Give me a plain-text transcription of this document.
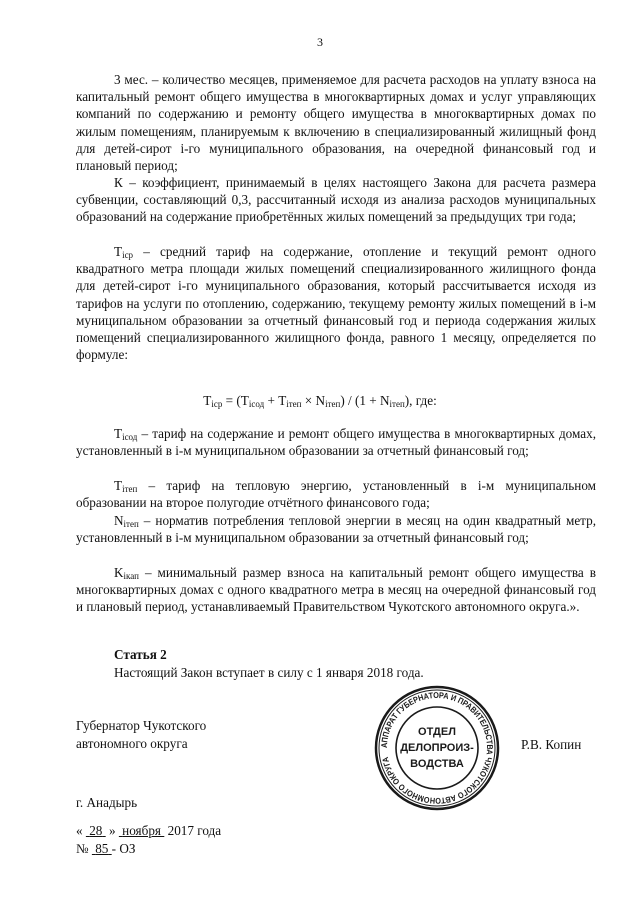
3

3 мес. – количество месяцев, применяемое для расчета расходов на уплату взноса на капитальный ремонт общего имущества в многоквартирных домах и услуг управляющих компаний по содержанию и ремонту общего имущества в многоквартирных домах по жилым помещениям, планируемым к включению в специализированный жилищный фонд для детей-сирот i-го муниципального образования, на очередной финансовый год и плановый период;

К – коэффициент, принимаемый в целях настоящего Закона для расчета размера субвенции, составляющий 0,3, рассчитанный исходя из анализа расходов муниципальных образований на содержание приобретённых жилых помещений за предыдущих три года;

$T_{icр}$ – средний тариф на содержание, отопление и текущий ремонт одного квадратного метра площади жилых помещений специализированного жилищного фонда для детей-сирот i-го муниципального образования, который рассчитывается исходя из тарифов на услуги по отоплению, содержанию, текущему ремонту жилых помещений в i-м муниципальном образовании за отчетный финансовый год и периода содержания жилых помещений специализированного жилищного фонда, равного 1 месяцу, определяется по формуле:

$T_{icр} = (T_{icод} + T_{iтеп} \times N_{iтеп}) / (1 + N_{iтеп})$, где:

$T_{icод}$ – тариф на содержание и ремонт общего имущества в многоквартирных домах, установленный в i-м муниципальном образовании за отчетный финансовый год;

$T_{iтеп}$ – тариф на тепловую энергию, установленный в i-м муниципальном образовании на второе полугодие отчётного финансового года;

$N_{iтеп}$ – норматив потребления тепловой энергии в месяц на один квадратный метр, установленный в i-м муниципальном образовании за отчетный финансовый год;

$K_{iкап}$ – минимальный размер взноса на капитальный ремонт общего имущества в многоквартирных домах с одного квадратного метра в месяц на очередной финансовый год и плановый период, устанавливаемый Правительством Чукотского автономного округа.».

Статья 2
Настоящий Закон вступает в силу с 1 января 2018 года.
Губернатор Чукотского
автономного округа	АППАРАТ ГУБЕРНАТОРА И ПРАВИТЕЛЬСТВА ЧУКОТСКОГО АВТОНОМНОГО ОКРУГА
ОТДЕЛ
ДЕЛОПРОИЗ-
ВОДСТВА
Р.В. Копин
г. Анадырь
« 28 » ноября 2017 года
№ 85 - ОЗ
